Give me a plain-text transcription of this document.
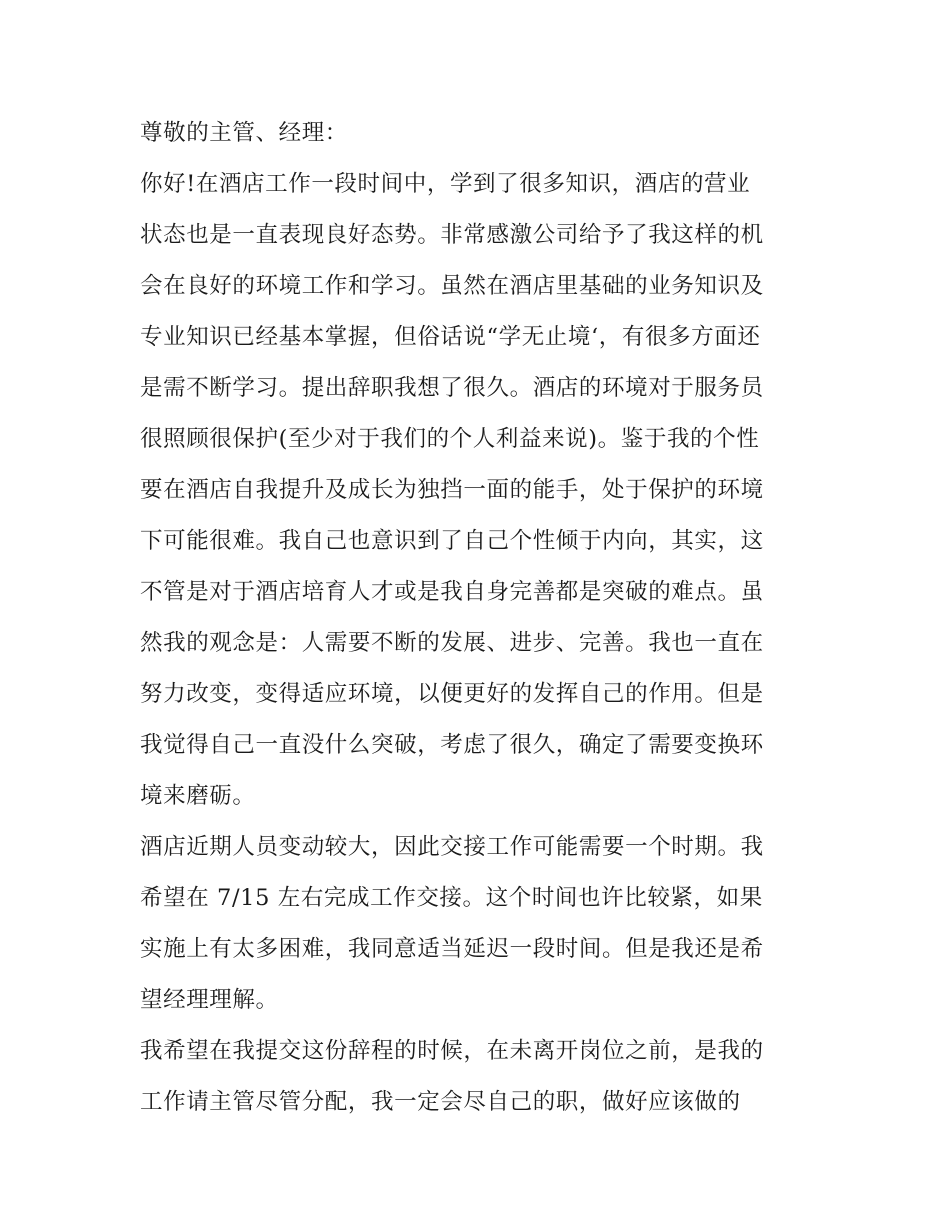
尊敬的主管、经理：
你好!在酒店工作一段时间中，学到了很多知识，酒店的营业
状态也是一直表现良好态势。非常感激公司给予了我这样的机
会在良好的环境工作和学习。虽然在酒店里基础的业务知识及
专业知识已经基本掌握，但俗话说“学无止境‘，有很多方面还
是需不断学习。提出辞职我想了很久。酒店的环境对于服务员
很照顾很保护(至少对于我们的个人利益来说)。鉴于我的个性
要在酒店自我提升及成长为独挡一面的能手，处于保护的环境
下可能很难。我自己也意识到了自己个性倾于内向，其实，这
不管是对于酒店培育人才或是我自身完善都是突破的难点。虽
然我的观念是：人需要不断的发展、进步、完善。我也一直在
努力改变，变得适应环境，以便更好的发挥自己的作用。但是
我觉得自己一直没什么突破，考虑了很久，确定了需要变换环
境来磨砺。
酒店近期人员变动较大，因此交接工作可能需要一个时期。我
希望在 7/15 左右完成工作交接。这个时间也许比较紧，如果
实施上有太多困难，我同意适当延迟一段时间。但是我还是希
望经理理解。
我希望在我提交这份辞程的时候，在未离开岗位之前，是我的
工作请主管尽管分配，我一定会尽自己的职，做好应该做的
